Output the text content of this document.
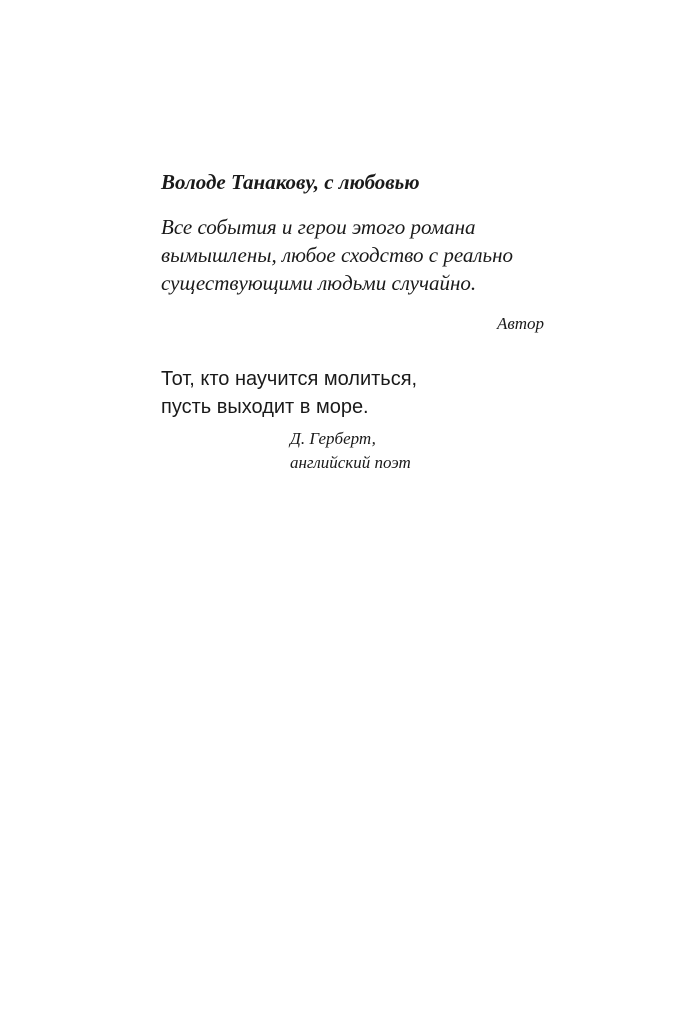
Володе Танакову, с любовью
Все события и герои этого романа
вымышлены, любое сходство с реально
существующими людьми случайно.
Автор
Тот, кто научится молиться,
пусть выходит в море.
Д. Герберт,
английский поэт
